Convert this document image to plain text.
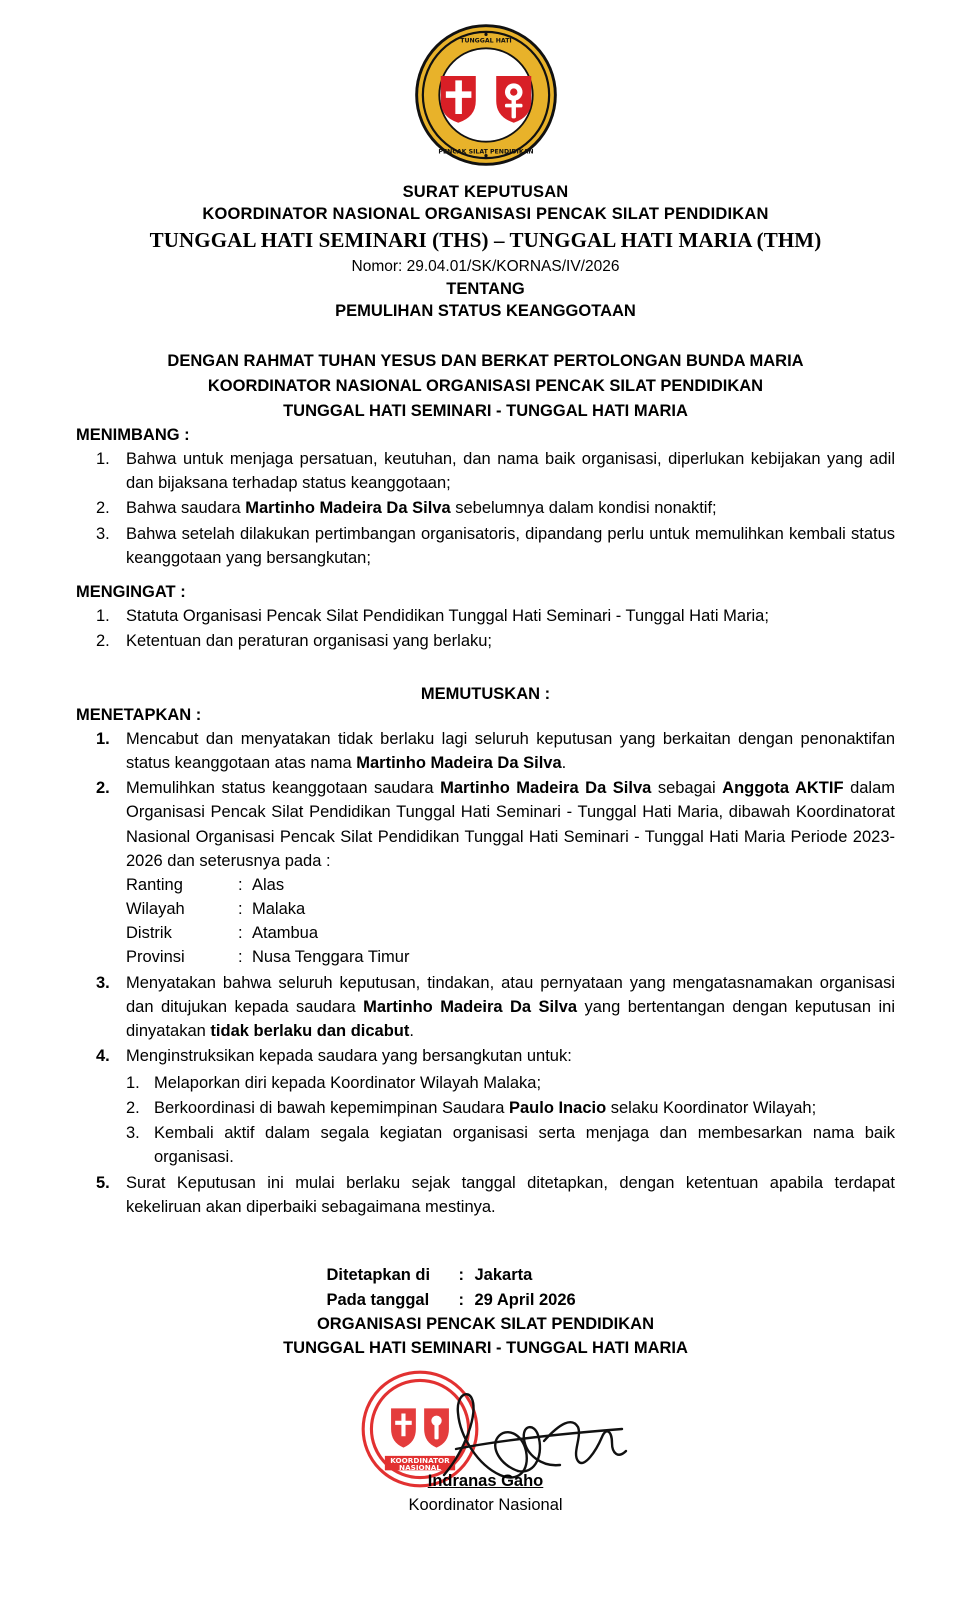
TUNGGAL HATI
PENCAK SILAT PENDIDIKAN
SURAT KEPUTUSAN
KOORDINATOR NASIONAL ORGANISASI PENCAK SILAT PENDIDIKAN
TUNGGAL HATI SEMINARI (THS) – TUNGGAL HATI MARIA (THM)
Nomor: 29.04.01/SK/KORNAS/IV/2026
TENTANG
PEMULIHAN STATUS KEANGGOTAAN
DENGAN RAHMAT TUHAN YESUS DAN BERKAT PERTOLONGAN BUNDA MARIA
KOORDINATOR NASIONAL ORGANISASI PENCAK SILAT PENDIDIKAN
TUNGGAL HATI SEMINARI - TUNGGAL HATI MARIA
MENIMBANG :
1. Bahwa untuk menjaga persatuan, keutuhan, dan nama baik organisasi, diperlukan kebijakan yang adil dan bijaksana terhadap status keanggotaan;
2. Bahwa saudara Martinho Madeira Da Silva sebelumnya dalam kondisi nonaktif;
3. Bahwa setelah dilakukan pertimbangan organisatoris, dipandang perlu untuk memulihkan kembali status keanggotaan yang bersangkutan;
MENGINGAT :
1. Statuta Organisasi Pencak Silat Pendidikan Tunggal Hati Seminari - Tunggal Hati Maria;
2. Ketentuan dan peraturan organisasi yang berlaku;
MEMUTUSKAN :
MENETAPKAN :
1. Mencabut dan menyatakan tidak berlaku lagi seluruh keputusan yang berkaitan dengan penonaktifan status keanggotaan atas nama Martinho Madeira Da Silva.
2. Memulihkan status keanggotaan saudara Martinho Madeira Da Silva sebagai Anggota AKTIF dalam Organisasi Pencak Silat Pendidikan Tunggal Hati Seminari - Tunggal Hati Maria, dibawah Koordinatorat Nasional Organisasi Pencak Silat Pendidikan Tunggal Hati Seminari - Tunggal Hati Maria Periode 2023-2026 dan seterusnya pada :
Ranting	: Alas
Wilayah	: Malaka
Distrik	: Atambua
Provinsi	: Nusa Tenggara Timur
3. Menyatakan bahwa seluruh keputusan, tindakan, atau pernyataan yang mengatasnamakan organisasi dan ditujukan kepada saudara Martinho Madeira Da Silva yang bertentangan dengan keputusan ini dinyatakan tidak berlaku dan dicabut.
4. Menginstruksikan kepada saudara yang bersangkutan untuk:
1. Melaporkan diri kepada Koordinator Wilayah Malaka;
2. Berkoordinasi di bawah kepemimpinan Saudara Paulo Inacio selaku Koordinator Wilayah;
3. Kembali aktif dalam segala kegiatan organisasi serta menjaga dan membesarkan nama baik organisasi.
5. Surat Keputusan ini mulai berlaku sejak tanggal ditetapkan, dengan ketentuan apabila terdapat kekeliruan akan diperbaiki sebagaimana mestinya.
Ditetapkan di	: Jakarta
Pada tanggal	: 29 April 2026
ORGANISASI PENCAK SILAT PENDIDIKAN
TUNGGAL HATI SEMINARI - TUNGGAL HATI MARIA
KOORDINATOR
NASIONAL
Indranas Gaho
Koordinator Nasional
